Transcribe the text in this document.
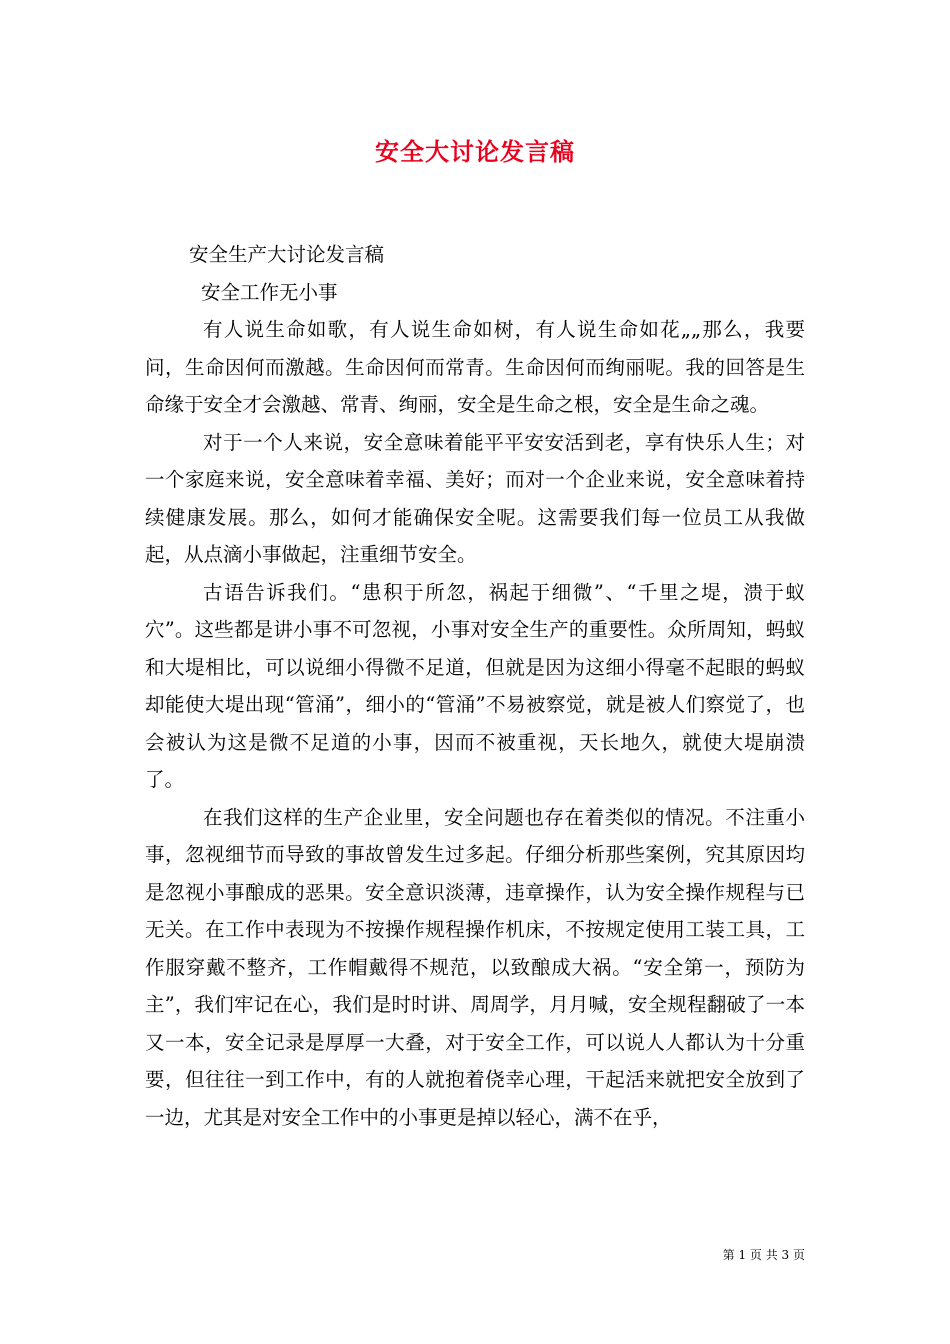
安全大讨论发言稿

安全生产大讨论发言稿

安全工作无小事

有人说生命如歌，有人说生命如树，有人说生命如花„„那么，我要问，生命因何而激越。生命因何而常青。生命因何而绚丽呢。我的回答是生命缘于安全才会激越、常青、绚丽，安全是生命之根，安全是生命之魂。

对于一个人来说，安全意味着能平平安安活到老，享有快乐人生；对一个家庭来说，安全意味着幸福、美好；而对一个企业来说，安全意味着持续健康发展。那么，如何才能确保安全呢。这需要我们每一位员工从我做起，从点滴小事做起，注重细节安全。

古语告诉我们。“患积于所忽，祸起于细微”、“千里之堤，溃于蚁穴”。这些都是讲小事不可忽视，小事对安全生产的重要性。众所周知，蚂蚁和大堤相比，可以说细小得微不足道，但就是因为这细小得毫不起眼的蚂蚁却能使大堤出现“管涌”，细小的“管涌”不易被察觉，就是被人们察觉了，也会被认为这是微不足道的小事，因而不被重视，天长地久，就使大堤崩溃了。

在我们这样的生产企业里，安全问题也存在着类似的情况。不注重小事，忽视细节而导致的事故曾发生过多起。仔细分析那些案例，究其原因均是忽视小事酿成的恶果。安全意识淡薄，违章操作，认为安全操作规程与已无关。在工作中表现为不按操作规程操作机床，不按规定使用工装工具，工作服穿戴不整齐，工作帽戴得不规范，以致酿成大祸。“安全第一，预防为主”，我们牢记在心，我们是时时讲、周周学，月月喊，安全规程翻破了一本又一本，安全记录是厚厚一大叠，对于安全工作，可以说人人都认为十分重要，但往往一到工作中，有的人就抱着侥幸心理，干起活来就把安全放到了一边，尤其是对安全工作中的小事更是掉以轻心，满不在乎，

第 1 页 共 3 页
